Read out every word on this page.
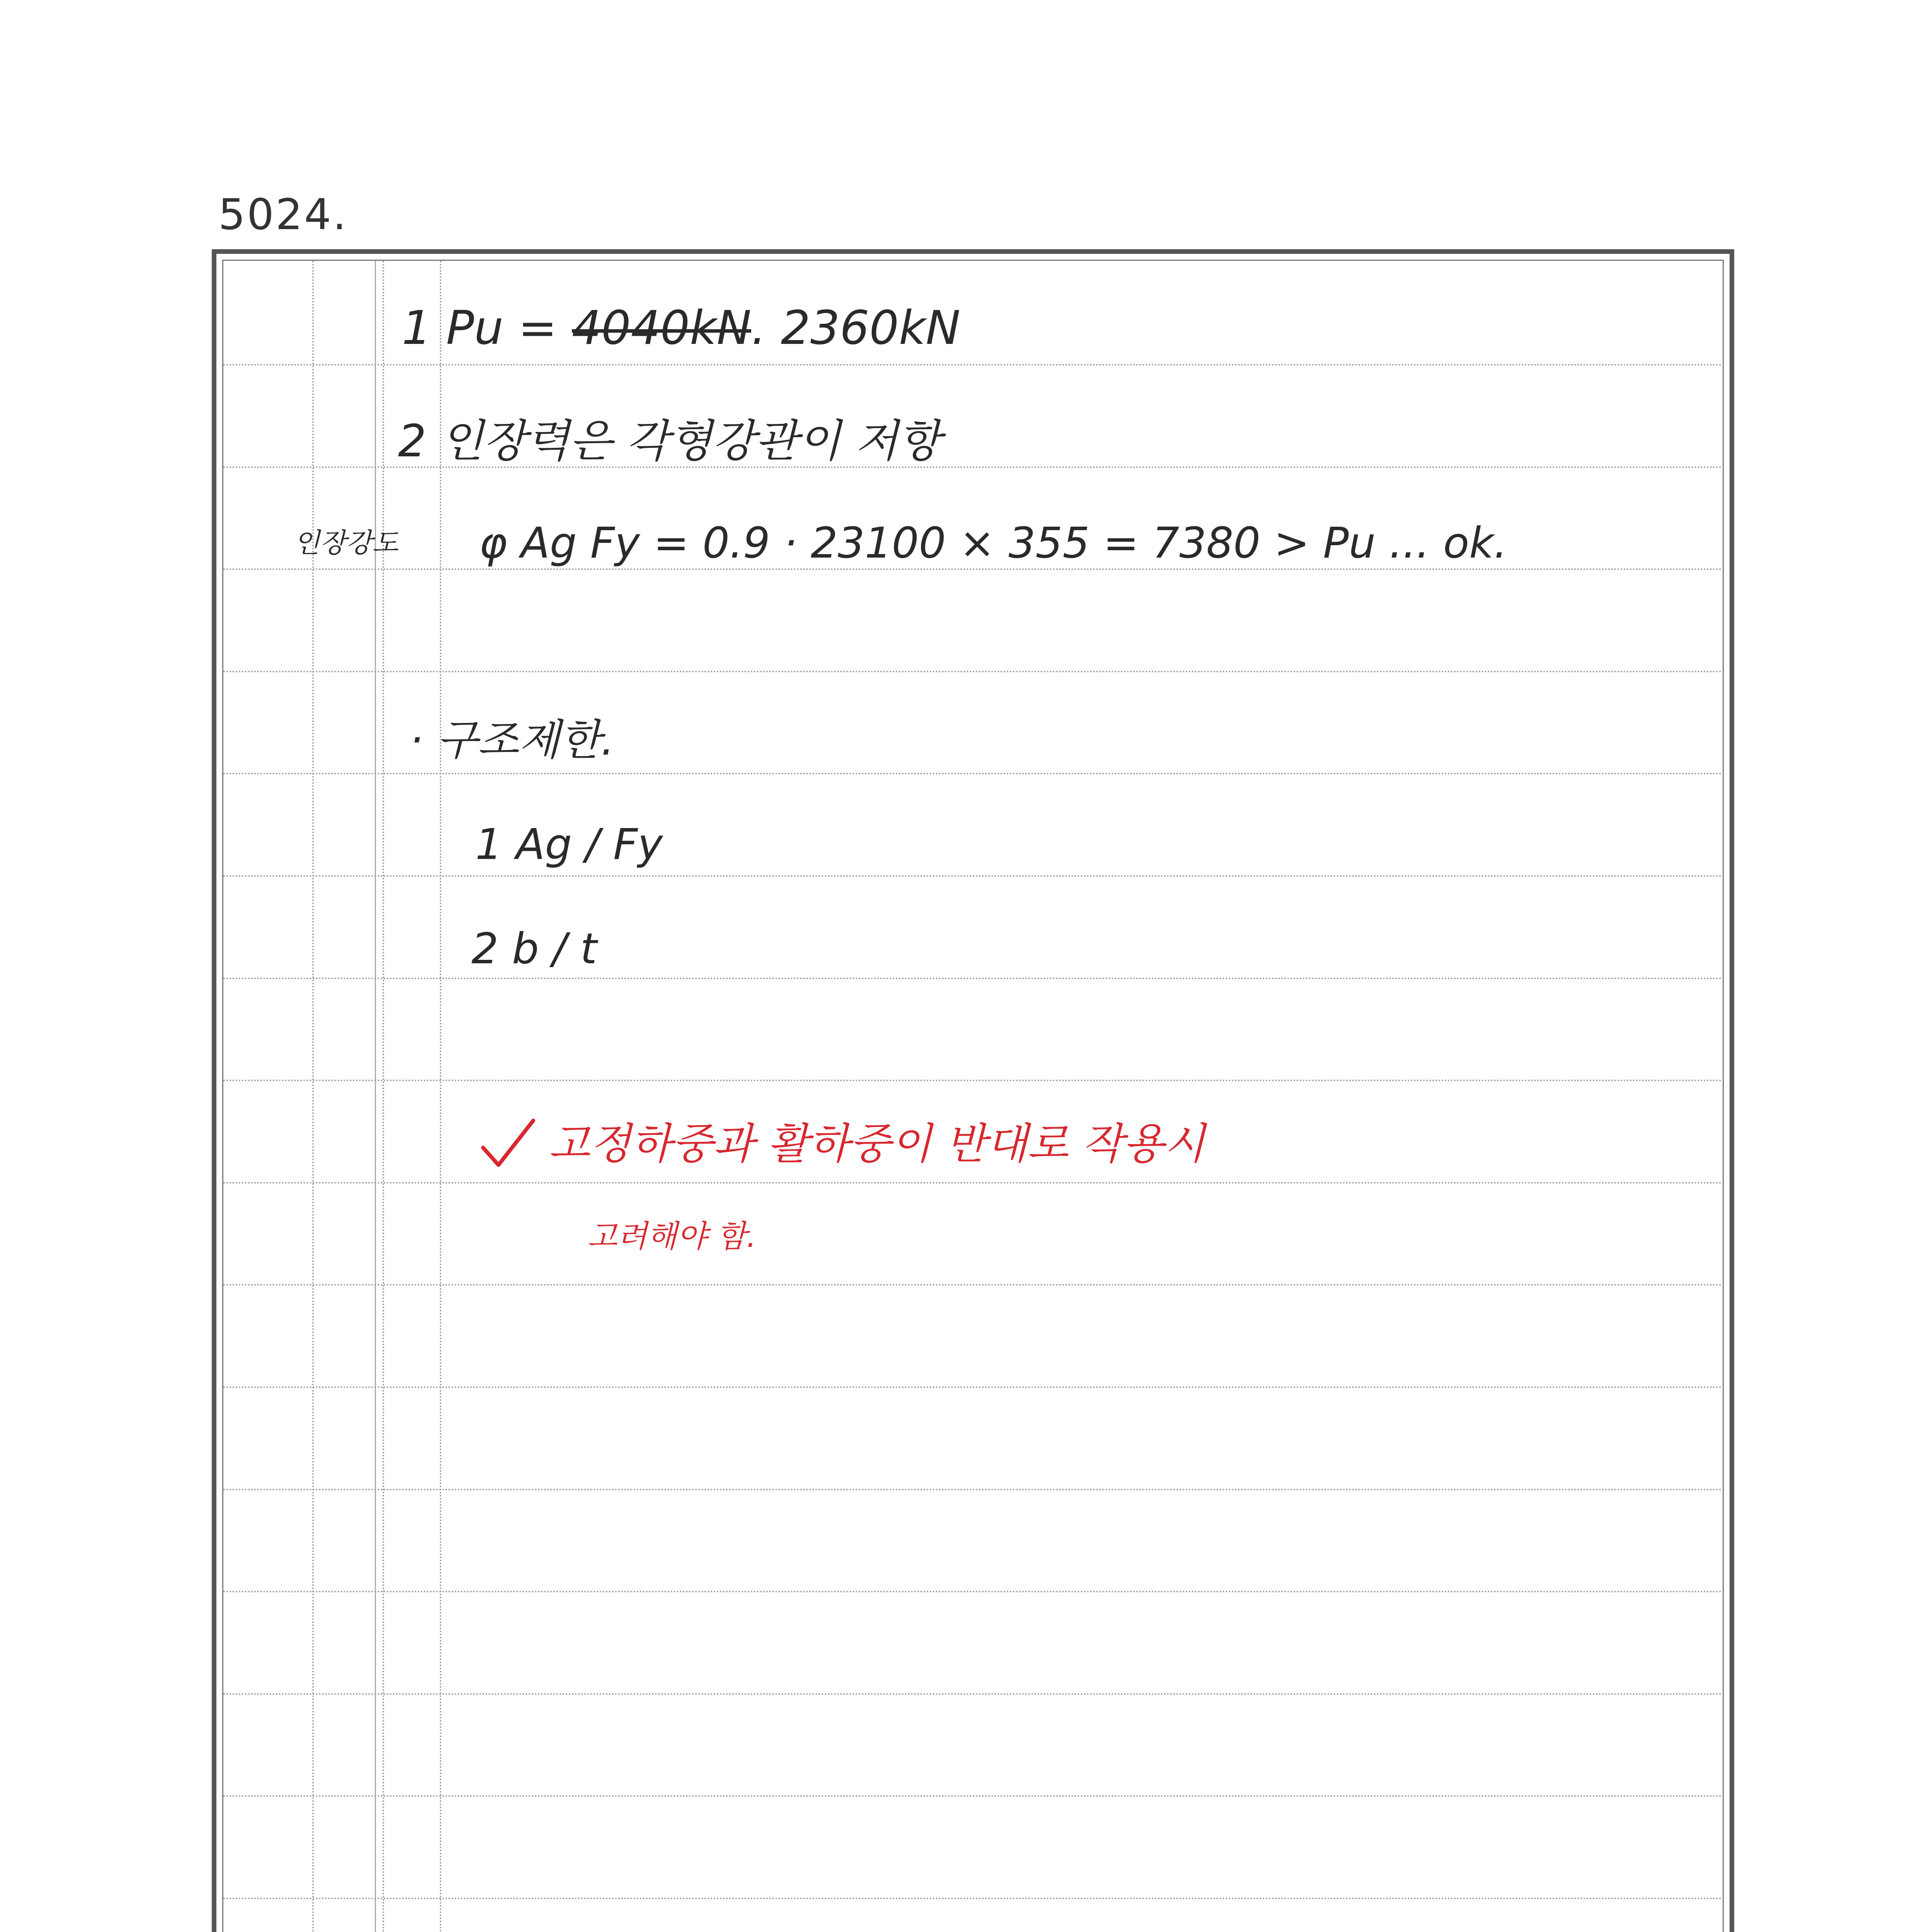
5024.
1 Pu = 4040kN. 2360kN
2 인장력은 각형강관이 저항
인장강도 φ Ag Fy = 0.9 · 23100 × 355 = 7380 > Pu ... ok.
· 구조제한.
1 Ag / Fy
2 b / t
고정하중과 활하중이 반대로 작용시
고려해야 함.
